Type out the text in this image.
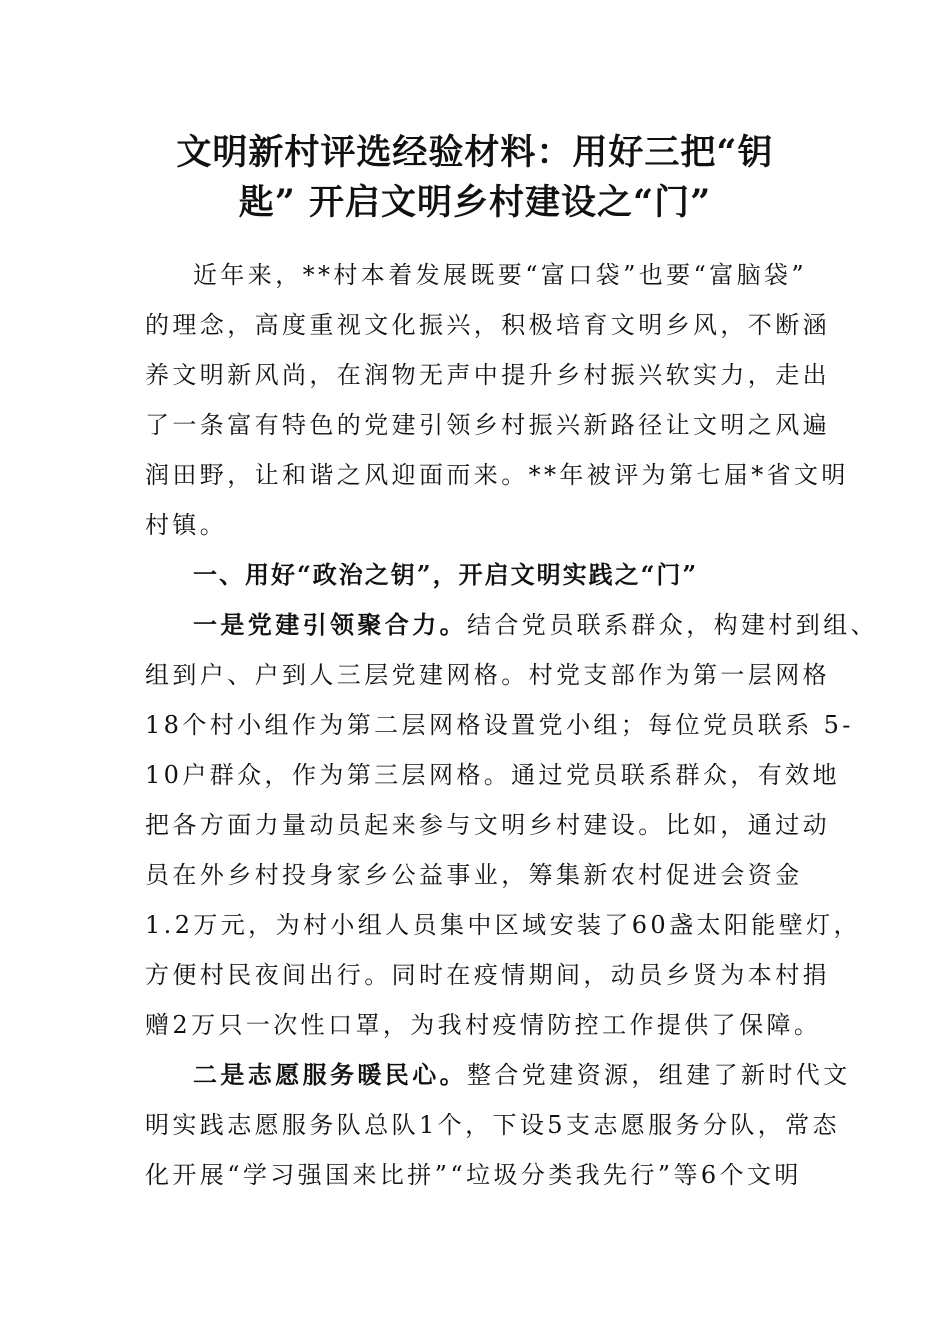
文明新村评选经验材料：用好三把“钥
匙” 开启文明乡村建设之“门”
近年来，**村本着发展既要“富口袋”也要“富脑袋”
的理念，高度重视文化振兴，积极培育文明乡风，不断涵
养文明新风尚，在润物无声中提升乡村振兴软实力，走出
了一条富有特色的党建引领乡村振兴新路径让文明之风遍
润田野，让和谐之风迎面而来。**年被评为第七届*省文明
村镇。
一、用好“政治之钥”，开启文明实践之“门”
一是党建引领聚合力。结合党员联系群众，构建村到组、
组到户、户到人三层党建网格。村党支部作为第一层网格
18个村小组作为第二层网格设置党小组；每位党员联系 5-
10户群众，作为第三层网格。通过党员联系群众，有效地
把各方面力量动员起来参与文明乡村建设。比如，通过动
员在外乡村投身家乡公益事业，筹集新农村促进会资金
1.2万元，为村小组人员集中区域安装了60盏太阳能壁灯，
方便村民夜间出行。同时在疫情期间，动员乡贤为本村捐
赠2万只一次性口罩，为我村疫情防控工作提供了保障。
二是志愿服务暖民心。整合党建资源，组建了新时代文
明实践志愿服务队总队1个，下设5支志愿服务分队，常态
化开展“学习强国来比拼”“垃圾分类我先行”等6个文明
